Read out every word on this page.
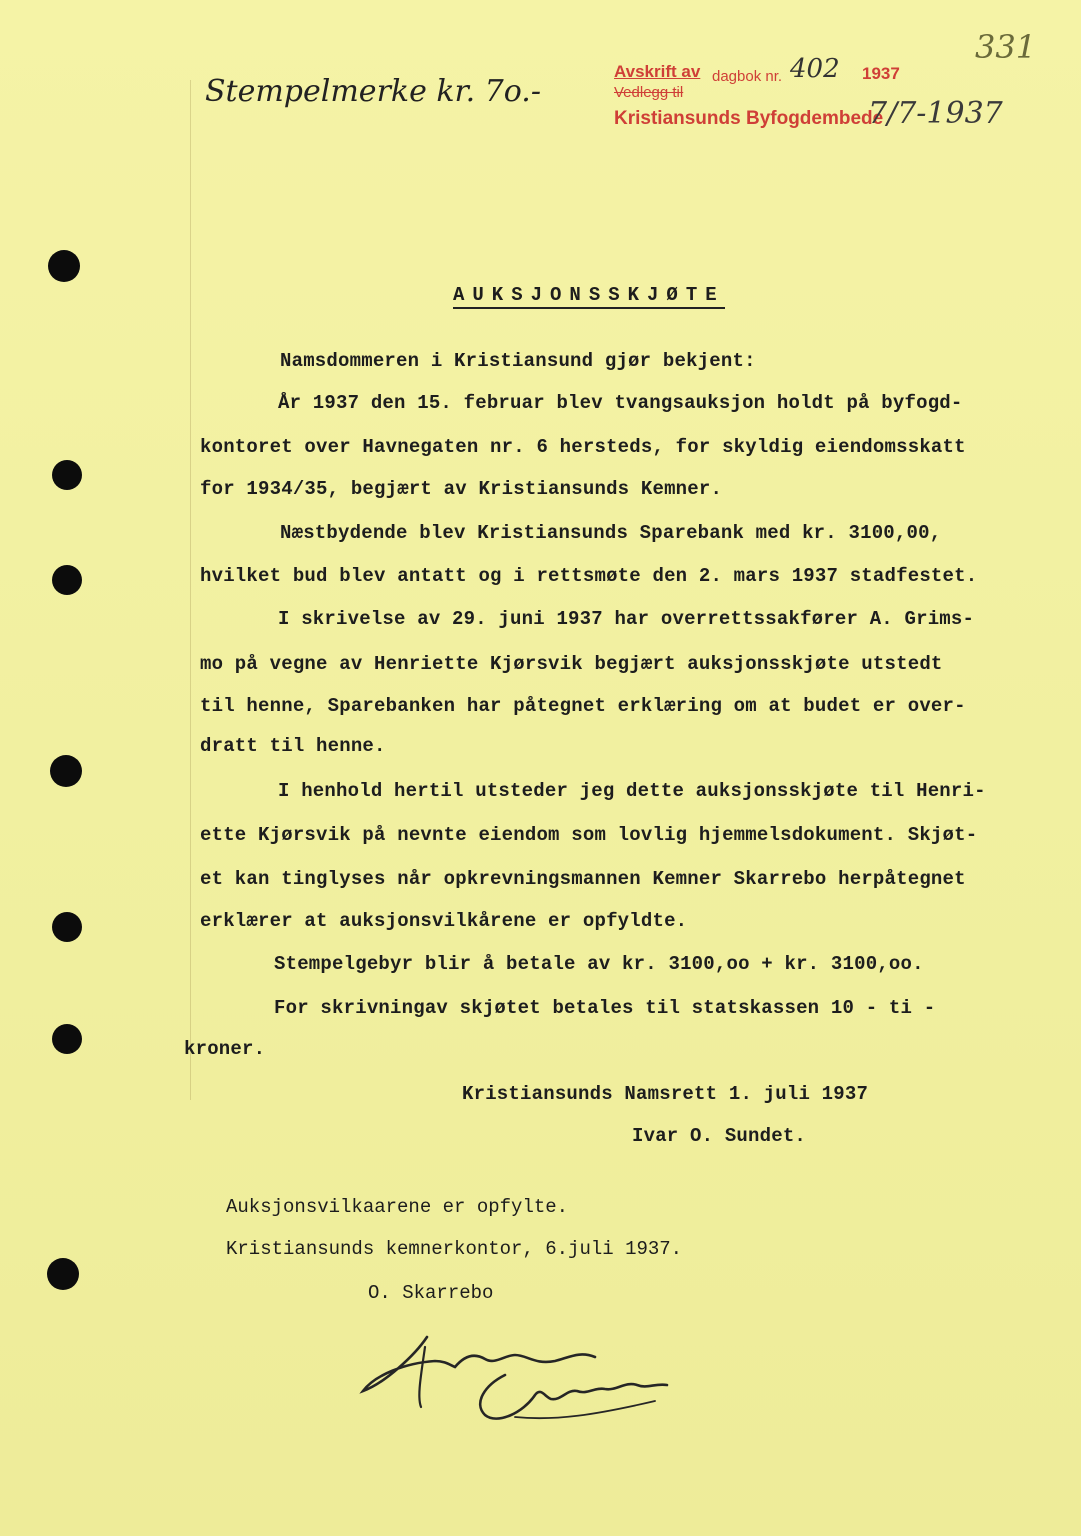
Stempelmerke kr. 7o.-
Avskrift av dagbok nr. 402 1937
Vedlegg til
Kristiansunds Byfogdembede
7/7-1937
331
AUKSJONSSKJØTE
Namsdommeren i Kristiansund gjør bekjent:
År 1937 den 15. februar blev tvangsauksjon holdt på byfogd-
kontoret over Havnegaten nr. 6 hersteds, for skyldig eiendomsskatt
for 1934/35, begjært av Kristiansunds Kemner.
Næstbydende blev Kristiansunds Sparebank med kr. 3100,00,
hvilket bud blev antatt og i rettsmøte den 2. mars 1937 stadfestet.
I skrivelse av 29. juni 1937 har overrettssakfører A. Grims-
mo på vegne av Henriette Kjørsvik begjært auksjonsskjøte utstedt
til henne, Sparebanken har påtegnet erklæring om at budet er over-
dratt til henne.
I henhold hertil utsteder jeg dette auksjonsskjøte til Henri-
ette Kjørsvik på nevnte eiendom som lovlig hjemmelsdokument. Skjøt-
et kan tinglyses når opkrevningsmannen Kemner Skarrebo herpåtegnet
erklærer at auksjonsvilkårene er opfyldte.
Stempelgebyr blir å betale av kr. 3100,oo + kr. 3100,oo.
For skrivningav skjøtet betales til statskassen 10 - ti -
kroner.
Kristiansunds Namsrett 1. juli 1937
Ivar O. Sundet.
Auksjonsvilkaarene er opfylte.
Kristiansunds kemnerkontor, 6.juli 1937.
O. Skarrebo
